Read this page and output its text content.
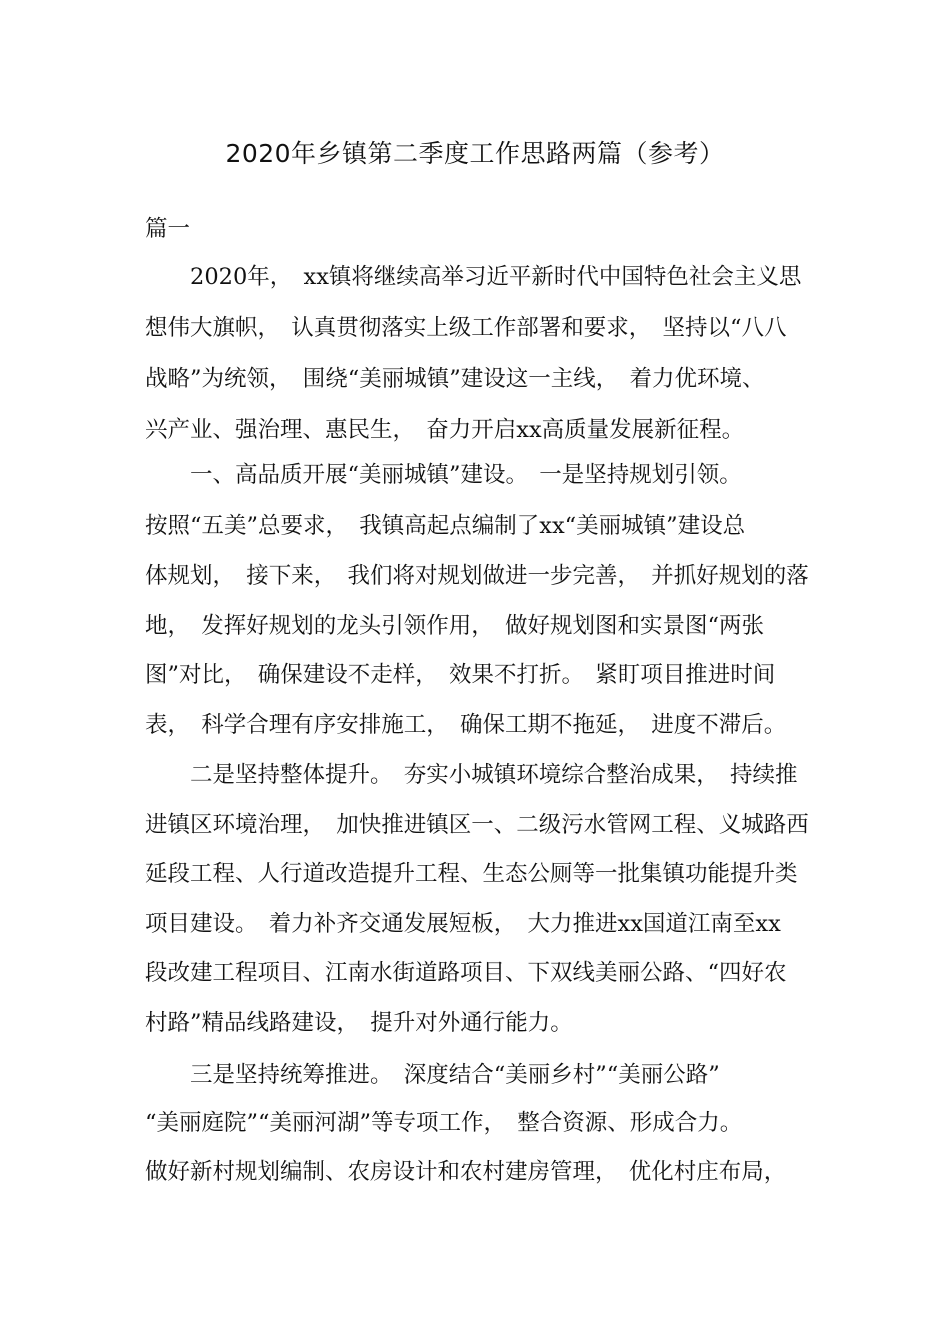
2020年乡镇第二季度工作思路两篇（参考）
篇一
　　2020年，　xx镇将继续高举习近平新时代中国特色社会主义思
想伟大旗帜，　认真贯彻落实上级工作部署和要求，　坚持以“八八
战略”为统领，　围绕“美丽城镇”建设这一主线，　着力优环境、
兴产业、强治理、惠民生，　奋力开启xx高质量发展新征程。
　　一、高品质开展“美丽城镇”建设。　一是坚持规划引领。
按照“五美”总要求，　我镇高起点编制了xx“美丽城镇”建设总
体规划，　接下来，　我们将对规划做进一步完善，　并抓好规划的落
地，　发挥好规划的龙头引领作用，　做好规划图和实景图“两张
图”对比，　确保建设不走样，　效果不打折。　紧盯项目推进时间
表，　科学合理有序安排施工，　确保工期不拖延，　进度不滞后。
　　二是坚持整体提升。　夯实小城镇环境综合整治成果，　持续推
进镇区环境治理，　加快推进镇区一、二级污水管网工程、义城路西
延段工程、人行道改造提升工程、生态公厕等一批集镇功能提升类
项目建设。　着力补齐交通发展短板，　大力推进xx国道江南至xx
段改建工程项目、江南水街道路项目、下双线美丽公路、“四好农
村路”精品线路建设，　提升对外通行能力。
　　三是坚持统筹推进。　深度结合“美丽乡村”“美丽公路”
“美丽庭院”“美丽河湖”等专项工作，　整合资源、形成合力。
做好新村规划编制、农房设计和农村建房管理，　优化村庄布局，
